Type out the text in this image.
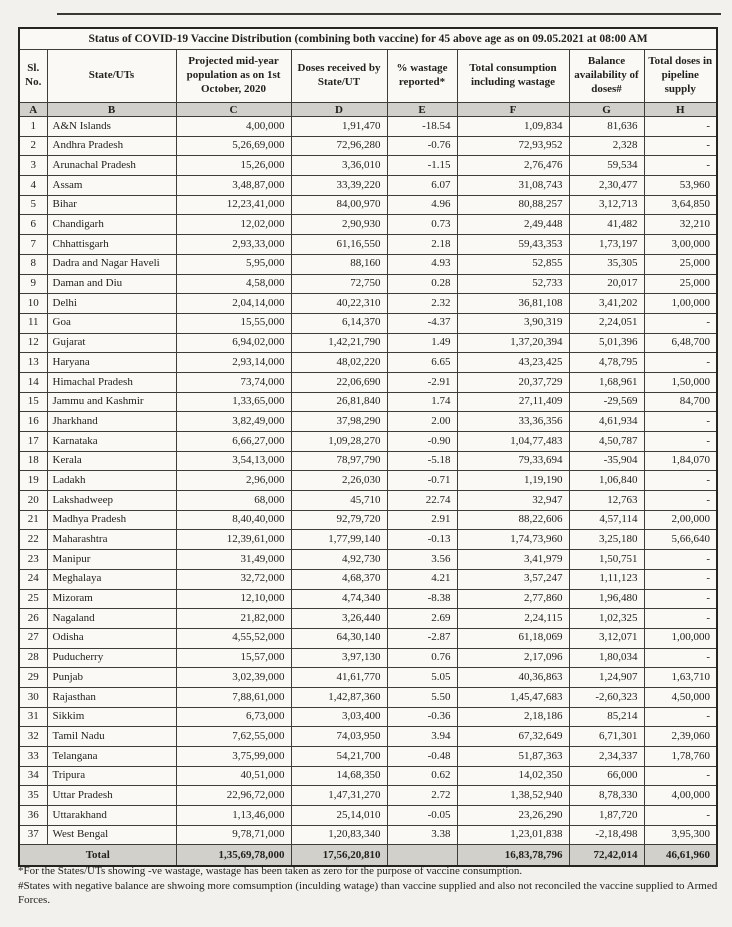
Status of COVID-19 Vaccine Distribution (combining both vaccine) for 45 above age as on 09.05.2021 at 08:00 AM							
Sl. No.	State/UTs	Projected mid-year population as on 1st October, 2020	Doses received by State/UT	% wastage reported*	Total consumption including wastage	Balance availability of doses#	Total doses in pipeline supply
A	B	C	D	E	F	G	H
1	A&N Islands	4,00,000	1,91,470	-18.54	1,09,834	81,636	-
2	Andhra Pradesh	5,26,69,000	72,96,280	-0.76	72,93,952	2,328	-
3	Arunachal Pradesh	15,26,000	3,36,010	-1.15	2,76,476	59,534	-
4	Assam	3,48,87,000	33,39,220	6.07	31,08,743	2,30,477	53,960
5	Bihar	12,23,41,000	84,00,970	4.96	80,88,257	3,12,713	3,64,850
6	Chandigarh	12,02,000	2,90,930	0.73	2,49,448	41,482	32,210
7	Chhattisgarh	2,93,33,000	61,16,550	2.18	59,43,353	1,73,197	3,00,000
8	Dadra and Nagar Haveli	5,95,000	88,160	4.93	52,855	35,305	25,000
9	Daman and Diu	4,58,000	72,750	0.28	52,733	20,017	25,000
10	Delhi	2,04,14,000	40,22,310	2.32	36,81,108	3,41,202	1,00,000
11	Goa	15,55,000	6,14,370	-4.37	3,90,319	2,24,051	-
12	Gujarat	6,94,02,000	1,42,21,790	1.49	1,37,20,394	5,01,396	6,48,700
13	Haryana	2,93,14,000	48,02,220	6.65	43,23,425	4,78,795	-
14	Himachal Pradesh	73,74,000	22,06,690	-2.91	20,37,729	1,68,961	1,50,000
15	Jammu and Kashmir	1,33,65,000	26,81,840	1.74	27,11,409	-29,569	84,700
16	Jharkhand	3,82,49,000	37,98,290	2.00	33,36,356	4,61,934	-
17	Karnataka	6,66,27,000	1,09,28,270	-0.90	1,04,77,483	4,50,787	-
18	Kerala	3,54,13,000	78,97,790	-5.18	79,33,694	-35,904	1,84,070
19	Ladakh	2,96,000	2,26,030	-0.71	1,19,190	1,06,840	-
20	Lakshadweep	68,000	45,710	22.74	32,947	12,763	-
21	Madhya Pradesh	8,40,40,000	92,79,720	2.91	88,22,606	4,57,114	2,00,000
22	Maharashtra	12,39,61,000	1,77,99,140	-0.13	1,74,73,960	3,25,180	5,66,640
23	Manipur	31,49,000	4,92,730	3.56	3,41,979	1,50,751	-
24	Meghalaya	32,72,000	4,68,370	4.21	3,57,247	1,11,123	-
25	Mizoram	12,10,000	4,74,340	-8.38	2,77,860	1,96,480	-
26	Nagaland	21,82,000	3,26,440	2.69	2,24,115	1,02,325	-
27	Odisha	4,55,52,000	64,30,140	-2.87	61,18,069	3,12,071	1,00,000
28	Puducherry	15,57,000	3,97,130	0.76	2,17,096	1,80,034	-
29	Punjab	3,02,39,000	41,61,770	5.05	40,36,863	1,24,907	1,63,710
30	Rajasthan	7,88,61,000	1,42,87,360	5.50	1,45,47,683	-2,60,323	4,50,000
31	Sikkim	6,73,000	3,03,400	-0.36	2,18,186	85,214	-
32	Tamil Nadu	7,62,55,000	74,03,950	3.94	67,32,649	6,71,301	2,39,060
33	Telangana	3,75,99,000	54,21,700	-0.48	51,87,363	2,34,337	1,78,760
34	Tripura	40,51,000	14,68,350	0.62	14,02,350	66,000	-
35	Uttar Pradesh	22,96,72,000	1,47,31,270	2.72	1,38,52,940	8,78,330	4,00,000
36	Uttarakhand	1,13,46,000	25,14,010	-0.05	23,26,290	1,87,720	-
37	West Bengal	9,78,71,000	1,20,83,340	3.38	1,23,01,838	-2,18,498	3,95,300
Total		1,35,69,78,000	17,56,20,810		16,83,78,796	72,42,014	46,61,960

*For the States/UTs showing -ve wastage, wastage has been taken as zero for the purpose of vaccine consumption.

#States with negative balance are shwoing more comsumption (inculding watage) than vaccine supplied and also not reconciled the vaccine supplied to Armed Forces.
